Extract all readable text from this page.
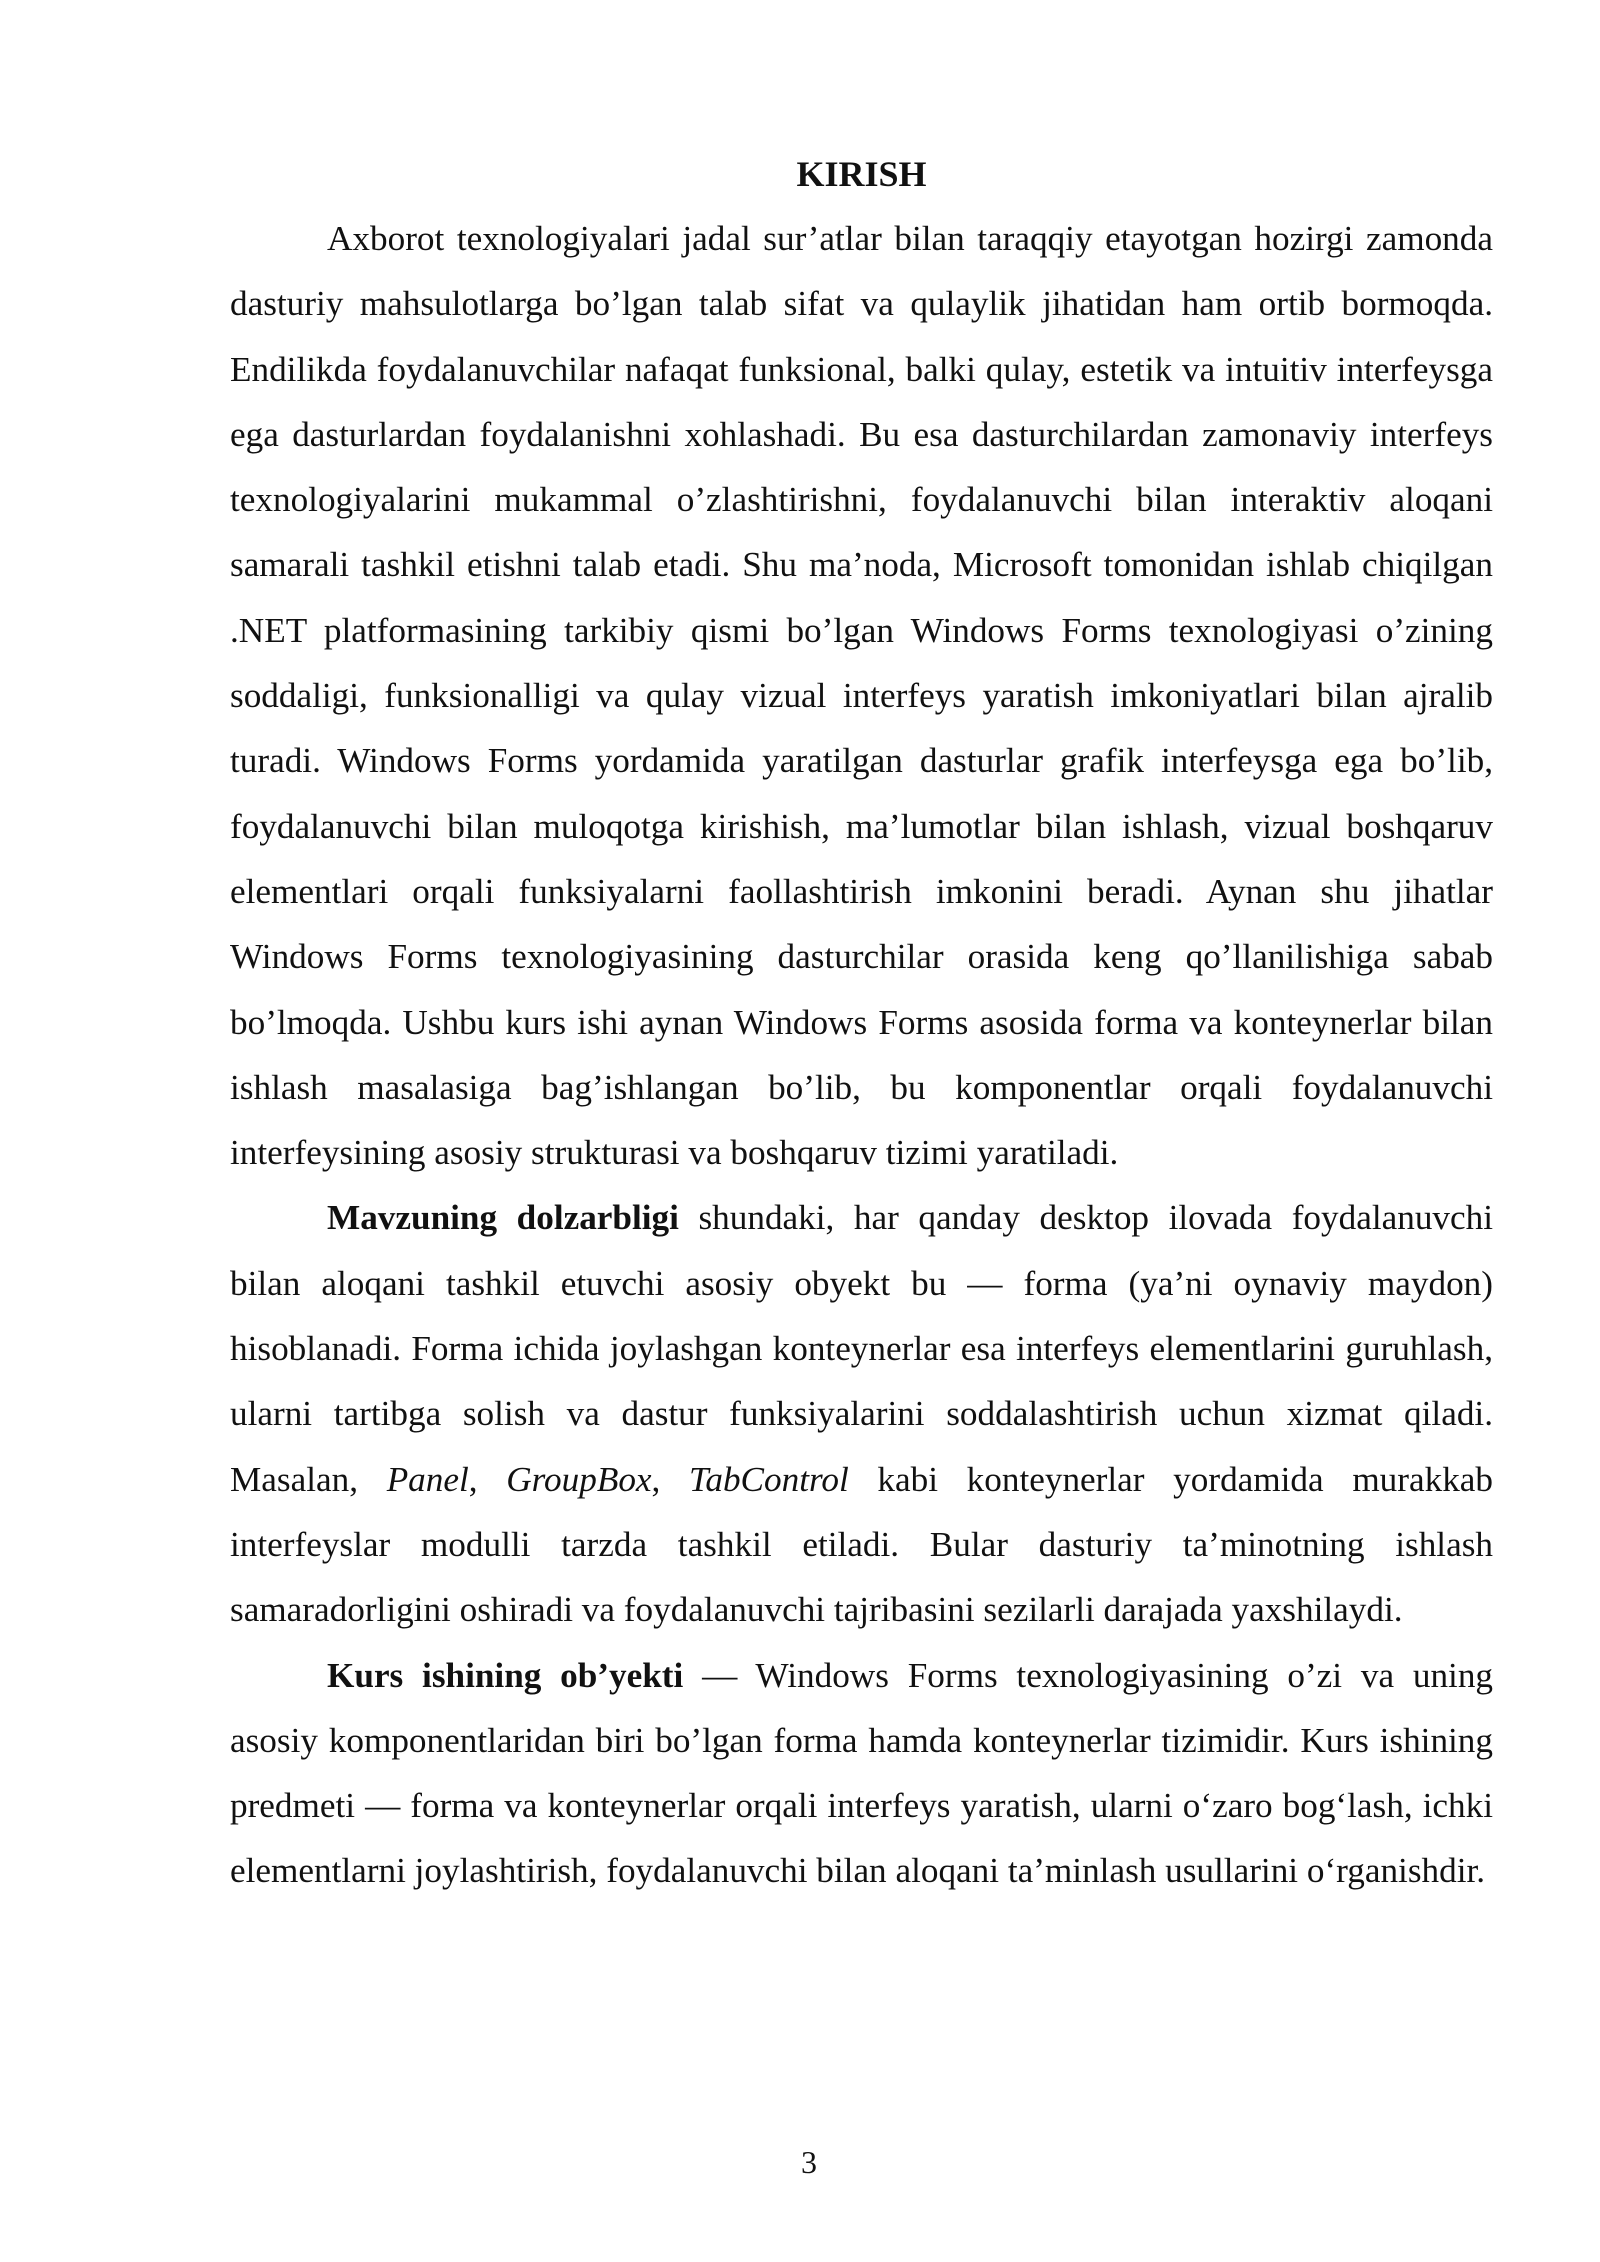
KIRISH

Axborot texnologiyalari jadal sur’atlar bilan taraqqiy etayotgan hozirgi zamonda dasturiy mahsulotlarga bo’lgan talab sifat va qulaylik jihatidan ham ortib bormoqda. Endilikda foydalanuvchilar nafaqat funksional, balki qulay, estetik va intuitiv interfeysga ega dasturlardan foydalanishni xohlashadi. Bu esa dasturchilardan zamonaviy interfeys texnologiyalarini mukammal o’zlashtirishni, foydalanuvchi bilan interaktiv aloqani samarali tashkil etishni talab etadi. Shu ma’noda, Microsoft tomonidan ishlab chiqilgan .NET platformasining tarkibiy qismi bo’lgan Windows Forms texnologiyasi o’zining soddaligi, funksionalligi va qulay vizual interfeys yaratish imkoniyatlari bilan ajralib turadi. Windows Forms yordamida yaratilgan dasturlar grafik interfeysga ega bo’lib, foydalanuvchi bilan muloqotga kirishish, ma’lumotlar bilan ishlash, vizual boshqaruv elementlari orqali funksiyalarni faollashtirish imkonini beradi. Aynan shu jihatlar Windows Forms texnologiyasining dasturchilar orasida keng qo’llanilishiga sabab bo’lmoqda. Ushbu kurs ishi aynan Windows Forms asosida forma va konteynerlar bilan ishlash masalasiga bag’ishlangan bo’lib, bu komponentlar orqali foydalanuvchi interfeysining asosiy strukturasi va boshqaruv tizimi yaratiladi.

Mavzuning dolzarbligi shundaki, har qanday desktop ilovada foydalanuvchi bilan aloqani tashkil etuvchi asosiy obyekt bu — forma (ya’ni oynaviy maydon) hisoblanadi. Forma ichida joylashgan konteynerlar esa interfeys elementlarini guruhlash, ularni tartibga solish va dastur funksiyalarini soddalashtirish uchun xizmat qiladi. Masalan, Panel, GroupBox, TabControl kabi konteynerlar yordamida murakkab interfeyslar modulli tarzda tashkil etiladi. Bular dasturiy ta’minotning ishlash samaradorligini oshiradi va foydalanuvchi tajribasini sezilarli darajada yaxshilaydi.

Kurs ishining ob’yekti — Windows Forms texnologiyasining o’zi va uning asosiy komponentlaridan biri bo’lgan forma hamda konteynerlar tizimidir. Kurs ishining predmeti — forma va konteynerlar orqali interfeys yaratish, ularni o‘zaro bog‘lash, ichki elementlarni joylashtirish, foydalanuvchi bilan aloqani ta’minlash usullarini o‘rganishdir.

3
